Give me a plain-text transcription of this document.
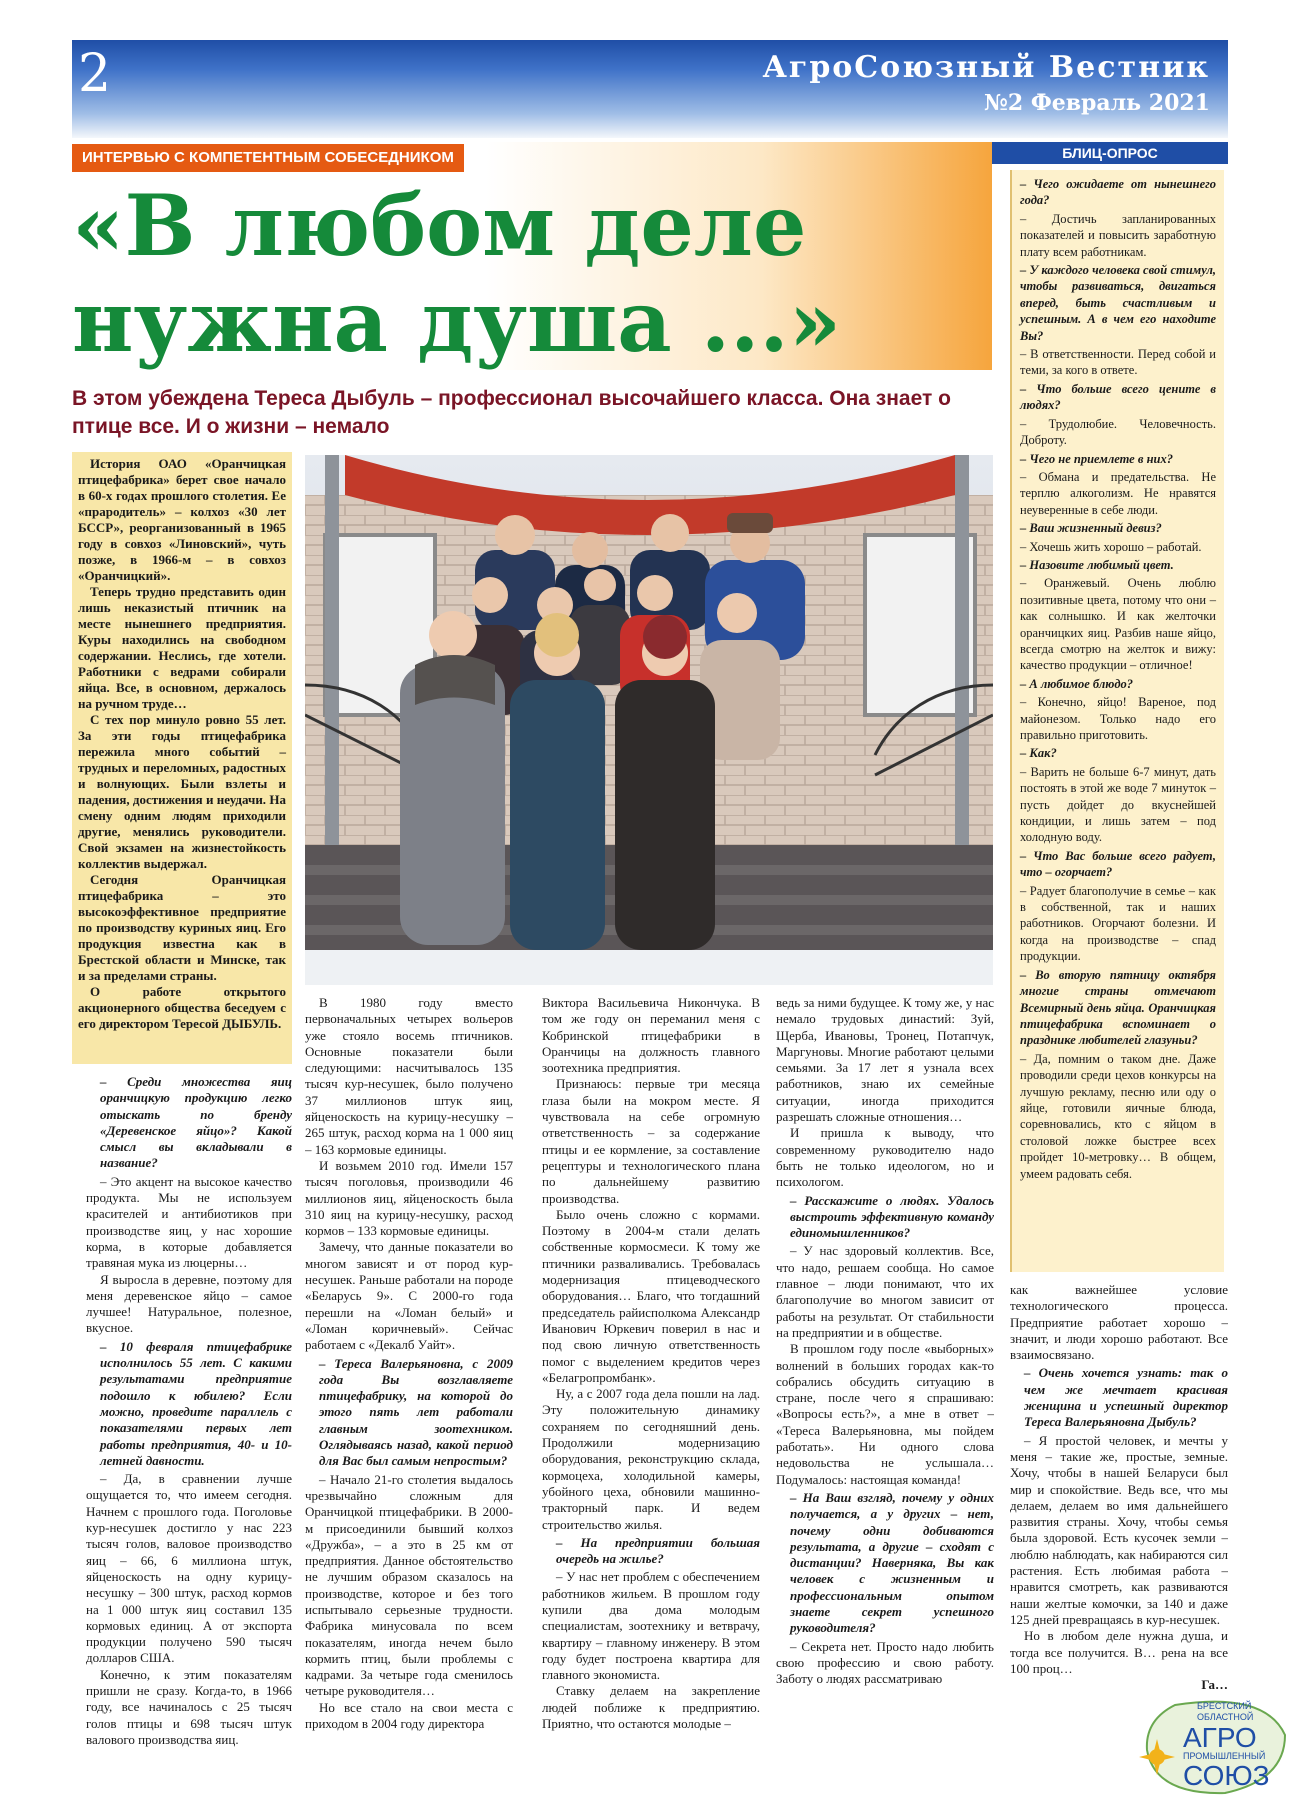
2	АгроСоюзный Вестник
№2 Февраль 2021
ИНТЕРВЬЮ С КОМПЕТЕНТНЫМ СОБЕСЕДНИКОМ
«В любом деле
нужна душа ...»
В этом убеждена Тереса Дыбуль – профессионал высочайшего класса. Она знает о птице все. И о жизни – немало
БЛИЦ-ОПРОС

– Чего ожидаете от нынешнего года?

– Достичь запланированных показателей и повысить заработную плату всем работникам.

– У каждого человека свой стимул, чтобы развиваться, двигаться вперед, быть счастливым и успешным. А в чем его находите Вы?

– В ответственности. Перед собой и теми, за кого в ответе.

– Что больше всего цените в людях?

– Трудолюбие. Человечность. Доброту.

– Чего не приемлете в них?

– Обмана и предательства. Не терплю алкоголизм. Не нравятся неуверенные в себе люди.

– Ваш жизненный девиз?

– Хочешь жить хорошо – работай.

– Назовите любимый цвет.

– Оранжевый. Очень люблю позитивные цвета, потому что они – как солнышко. И как желточки оранчицких яиц. Разбив наше яйцо, всегда смотрю на желток и вижу: качество продукции – отличное!

– А любимое блюдо?

– Конечно, яйцо! Вареное, под майонезом. Только надо его правильно приготовить.

– Как?

– Варить не больше 6-7 минут, дать постоять в этой же воде 7 минуток – пусть дойдет до вкуснейшей кондиции, и лишь затем – под холодную воду.

– Что Вас больше всего радует, что – огорчает?

– Радует благополучие в семье – как в собственной, так и наших работников. Огорчают болезни. И когда на производстве – спад продукции.

– Во вторую пятницу октября многие страны отмечают Всемирный день яйца. Оранчицкая птицефабрика вспоминает о празднике любителей глазуньи?

– Да, помним о таком дне. Даже проводили среди цехов конкурсы на лучшую рекламу, песню или оду о яйце, готовили яичные блюда, соревновались, кто с яйцом в столовой ложке быстрее всех пройдет 10-метровку… В общем, умеем радовать себя.

История ОАО «Оранчицкая птицефабрика» берет свое начало в 60-х годах прошлого столетия. Ее «прародитель» – колхоз «30 лет БССР», реорганизованный в 1965 году в совхоз «Линовский», чуть позже, в 1966-м – в совхоз «Оранчицкий».

Теперь трудно представить один лишь неказистый птичник на месте нынешнего предприятия. Куры находились на свободном содержании. Неслись, где хотели. Работники с ведрами собирали яйца. Все, в основном, держалось на ручном труде…

С тех пор минуло ровно 55 лет. За эти годы птицефабрика пережила много событий – трудных и переломных, радостных и волнующих. Были взлеты и падения, достижения и неудачи. На смену одним людям приходили другие, менялись руководители. Свой экзамен на жизнестойкость коллектив выдержал.

Сегодня Оранчицкая птицефабрика – это высокоэффективное предприятие по производству куриных яиц. Его продукция известна как в Брестской области и Минске, так и за пределами страны.

О работе открытого акционерного общества беседуем с его директором Тересой ДЫБУЛЬ.

– Среди множества яиц оранчицкую продукцию легко отыскать по бренду «Деревенское яйцо»? Какой смысл вы вкладывали в название?

– Это акцент на высокое качество продукта. Мы не используем красителей и антибиотиков при производстве яиц, у нас хорошие корма, в которые добавляется травяная мука из люцерны…

Я выросла в деревне, поэтому для меня деревенское яйцо – самое лучшее! Натуральное, полезное, вкусное.

– 10 февраля птицефабрике исполнилось 55 лет. С какими результатами предприятие подошло к юбилею? Если можно, проведите параллель с показателями первых лет работы предприятия, 40- и 10-летней давности.

– Да, в сравнении лучше ощущается то, что имеем сегодня. Начнем с прошлого года. Поголовье кур-несушек достигло у нас 223 тысяч голов, валовое производство яиц – 66, 6 миллиона штук, яйценоскость на одну курицу-несушку – 300 штук, расход кормов на 1 000 штук яиц составил 135 кормовых единиц. А от экспорта продукции получено 590 тысяч долларов США.

Конечно, к этим показателям пришли не сразу. Когда-то, в 1966 году, все начиналось с 25 тысяч голов птицы и 698 тысяч штук валового производства яиц.

В 1980 году вместо первоначальных четырех вольеров уже стояло восемь птичников. Основные показатели были следующими: насчитывалось 135 тысяч кур-несушек, было получено 37 миллионов штук яиц, яйценоскость на курицу-несушку – 265 штук, расход корма на 1 000 яиц – 163 кормовые единицы.

И возьмем 2010 год. Имели 157 тысяч поголовья, производили 46 миллионов яиц, яйценоскость была 310 яиц на курицу-несушку, расход кормов – 133 кормовые единицы.

Замечу, что данные показатели во многом зависят и от пород кур-несушек. Раньше работали на породе «Беларусь 9». С 2000-го года перешли на «Ломан белый» и «Ломан коричневый». Сейчас работаем с «Декалб Уайт».

– Тереса Валерьяновна, с 2009 года Вы возглавляете птицефабрику, на которой до этого пять лет работали главным зоотехником. Оглядываясь назад, какой период для Вас был самым непростым?

– Начало 21-го столетия выдалось чрезвычайно сложным для Оранчицкой птицефабрики. В 2000-м присоединили бывший колхоз «Дружба», – а это в 25 км от предприятия. Данное обстоятельство не лучшим образом сказалось на производстве, которое и без того испытывало серьезные трудности. Фабрика минусовала по всем показателям, иногда нечем было кормить птиц, были проблемы с кадрами. За четыре года сменилось четыре руководителя…

Но все стало на свои места с приходом в 2004 году директора

Виктора Васильевича Никончука. В том же году он переманил меня с Кобринской птицефабрики в Оранчицы на должность главного зоотехника предприятия.

Признаюсь: первые три месяца глаза были на мокром месте. Я чувствовала на себе огромную ответственность – за содержание птицы и ее кормление, за составление рецептуры и технологического плана по дальнейшему развитию производства.

Было очень сложно с кормами. Поэтому в 2004-м стали делать собственные кормосмеси. К тому же птичники разваливались. Требовалась модернизация птицеводческого оборудования… Благо, что тогдашний председатель райисполкома Александр Иванович Юркевич поверил в нас и под свою личную ответственность помог с выделением кредитов через «Белагропромбанк».

Ну, а с 2007 года дела пошли на лад. Эту положительную динамику сохраняем по сегодняшний день. Продолжили модернизацию оборудования, реконструкцию склада, кормоцеха, холодильной камеры, убойного цеха, обновили машинно-тракторный парк. И ведем строительство жилья.

– На предприятии большая очередь на жилье?

– У нас нет проблем с обеспечением работников жильем. В прошлом году купили два дома молодым специалистам, зоотехнику и ветврачу, квартиру – главному инженеру. В этом году будет построена квартира для главного экономиста.

Ставку делаем на закрепление людей поближе к предприятию. Приятно, что остаются молодые –

ведь за ними будущее. К тому же, у нас немало трудовых династий: Зуй, Щерба, Ивановы, Тронец, Потапчук, Маргуновы. Многие работают целыми семьями. За 17 лет я узнала всех работников, знаю их семейные ситуации, иногда приходится разрешать сложные отношения…

И пришла к выводу, что современному руководителю надо быть не только идеологом, но и психологом.

– Расскажите о людях. Удалось выстроить эффективную команду единомышленников?

– У нас здоровый коллектив. Все, что надо, решаем сообща. Но самое главное – люди понимают, что их благополучие во многом зависит от работы на результат. От стабильности на предприятии и в обществе.

В прошлом году после «выборных» волнений в больших городах как-то собрались обсудить ситуацию в стране, после чего я спрашиваю: «Вопросы есть?», а мне в ответ – «Тереса Валерьяновна, мы пойдем работать». Ни одного слова недовольства не услышала… Подумалось: настоящая команда!

– На Ваш взгляд, почему у одних получается, а у других – нет, почему одни добиваются результата, а другие – сходят с дистанции? Наверняка, Вы как человек с жизненным и профессиональным опытом знаете секрет успешного руководителя?

– Секрета нет. Просто надо любить свою профессию и свою работу. Заботу о людях рассматриваю

как важнейшее условие технологического процесса. Предприятие работает хорошо – значит, и люди хорошо работают. Все взаимосвязано.

– Очень хочется узнать: так о чем же мечтает красивая женщина и успешный директор Тереса Валерьяновна Дыбуль?

– Я простой человек, и мечты у меня – такие же, простые, земные. Хочу, чтобы в нашей Беларуси был мир и спокойствие. Ведь все, что мы делаем, делаем во имя дальнейшего развития страны. Хочу, чтобы семья была здоровой. Есть кусочек земли – люблю наблюдать, как набираются сил растения. Есть любимая работа – нравится смотреть, как развиваются наши желтые комочки, за 140 и даже 125 дней превращаясь в кур-несушек.

Но в любом деле нужна душа, и тогда все получится. В… рена на все 100 проц…

Га…

БРЕСТСКИЙ
ОБЛАСТНОЙ
АГРО
ПРОМЫШЛЕННЫЙ
СОЮЗ
